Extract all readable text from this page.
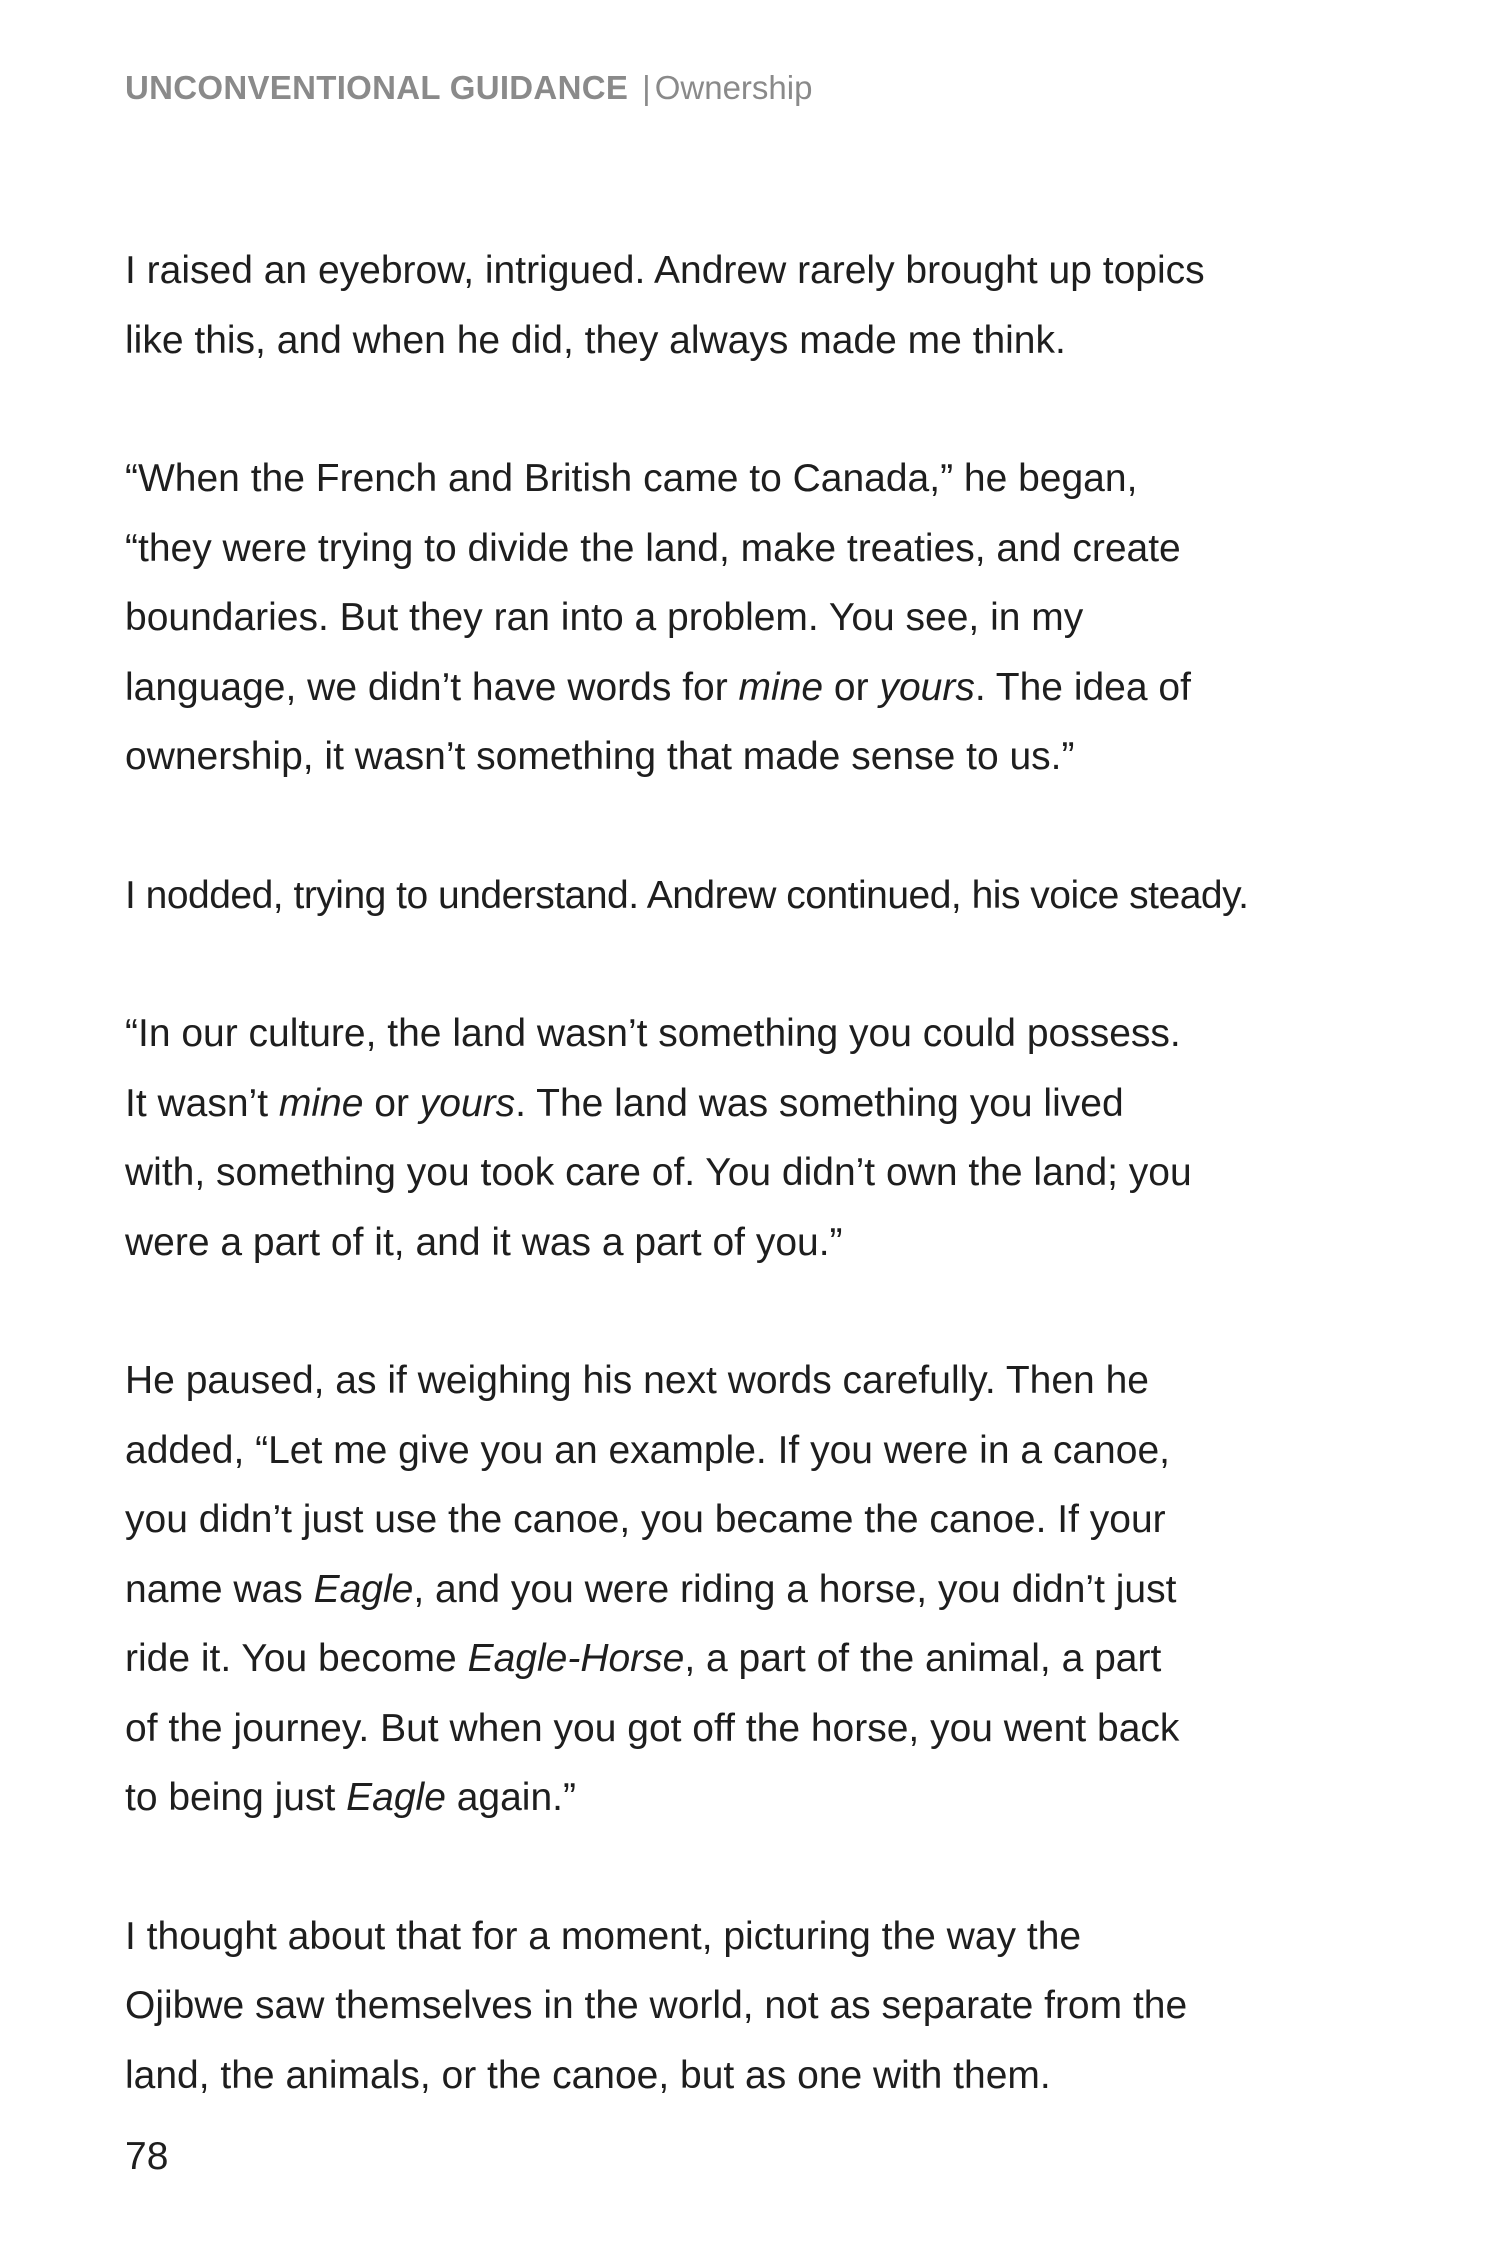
UNCONVENTIONAL GUIDANCE | Ownership

I raised an eyebrow, intrigued. Andrew rarely brought up topics
like this, and when he did, they always made me think.

“When the French and British came to Canada,” he began,
“they were trying to divide the land, make treaties, and create
boundaries. But they ran into a problem. You see, in my
language, we didn’t have words for mine or yours. The idea of
ownership, it wasn’t something that made sense to us.”

I nodded, trying to understand. Andrew continued, his voice steady.

“In our culture, the land wasn’t something you could possess.
It wasn’t mine or yours. The land was something you lived
with, something you took care of. You didn’t own the land; you
were a part of it, and it was a part of you.”

He paused, as if weighing his next words carefully. Then he
added, “Let me give you an example. If you were in a canoe,
you didn’t just use the canoe, you became the canoe. If your
name was Eagle, and you were riding a horse, you didn’t just
ride it. You become Eagle-Horse, a part of the animal, a part
of the journey. But when you got off the horse, you went back
to being just Eagle again.”

I thought about that for a moment, picturing the way the
Ojibwe saw themselves in the world, not as separate from the
land, the animals, or the canoe, but as one with them.

78
